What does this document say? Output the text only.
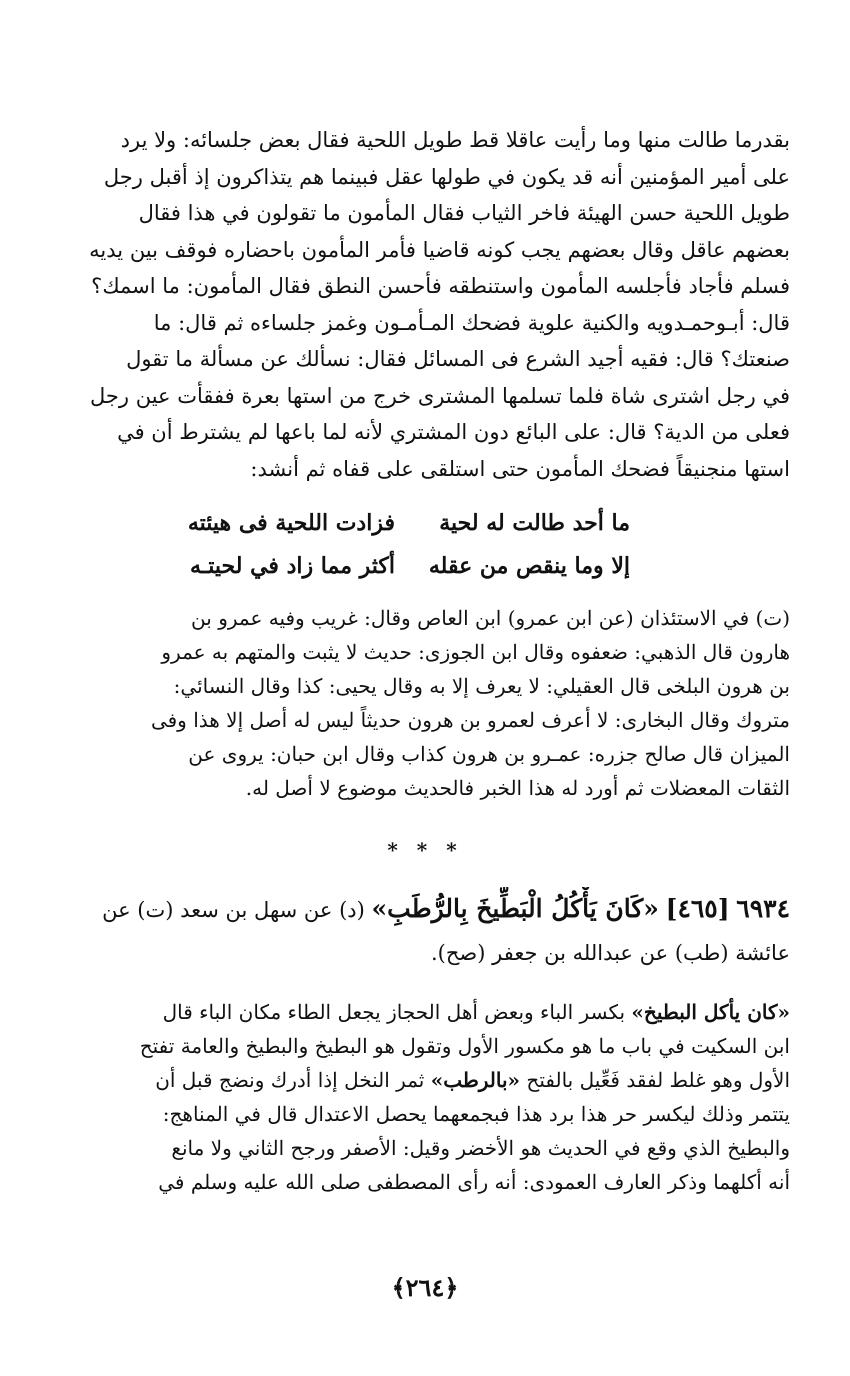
بقدرما طالت منها وما رأيت عاقلا قط طويل اللحية فقال بعض جلسائه: ولا يرد
على أمير المؤمنين أنه قد يكون في طولها عقل فبينما هم يتذاكرون إذ أقبل رجل
طويل اللحية حسن الهيئة فاخر الثياب فقال المأمون ما تقولون في هذا فقال
بعضهم عاقل وقال بعضهم يجب كونه قاضيا فأمر المأمون باحضاره فوقف بين يديه
فسلم فأجاد فأجلسه المأمون واستنطقه فأحسن النطق فقال المأمون: ما اسمك؟
قال: أبـوحمـدويه والكنية علوية فضحك المـأمـون وغمز جلساءه ثم قال: ما
صنعتك؟ قال: فقيه أجيد الشرع فى المسائل فقال: نسألك عن مسألة ما تقول
في رجل اشترى شاة فلما تسلمها المشترى خرج من استها بعرة ففقأت عين رجل
فعلى من الدية؟ قال: على البائع دون المشتري لأنه لما باعها لم يشترط أن في
استها منجنيقاً فضحك المأمون حتى استلقى على قفاه ثم أنشد:
ما أحد طالت له لحية
فزادت اللحية فى هيئته
إلا وما ينقص من عقله
أكثر مما زاد في لحيتـه
(ت) في الاستئذان (عن ابن عمرو) ابن العاص وقال: غريب وفيه عمرو بن
هارون قال الذهبي: ضعفوه وقال ابن الجوزى: حديث لا يثبت والمتهم به عمرو
بن هرون البلخى قال العقيلي: لا يعرف إلا به وقال يحيى: كذا وقال النسائي:
متروك وقال البخارى: لا أعرف لعمرو بن هرون حديثاً ليس له أصل إلا هذا وفى
الميزان قال صالح جزره: عمـرو بن هرون كذاب وقال ابن حبان: يروى عن
الثقات المعضلات ثم أورد له هذا الخبر فالحديث موضوع لا أصل له.
* * *
٦٩٣٤ [٤٦٥] «كَانَ يَأْكُلُ الْبَطِّيخَ بِالرُّطَبِ» (د) عن سهل بن سعد (ت) عن
عائشة (طب) عن عبدالله بن جعفر (صح).
«كان يأكل البطيخ» بكسر الباء وبعض أهل الحجاز يجعل الطاء مكان الباء قال
ابن السكيت في باب ما هو مكسور الأول وتقول هو البطيخ والبطيخ والعامة تفتح
الأول وهو غلط لفقد فَعِّيل بالفتح «بالرطب» ثمر النخل إذا أدرك ونضج قبل أن
يتتمر وذلك ليكسر حر هذا برد هذا فبجمعهما يحصل الاعتدال قال في المناهج:
والبطيخ الذي وقع في الحديث هو الأخضر وقيل: الأصفر ورجح الثاني ولا مانع
أنه أكلهما وذكر العارف العمودى: أنه رأى المصطفى صلى الله عليه وسلم في
﴿٢٦٤﴾
